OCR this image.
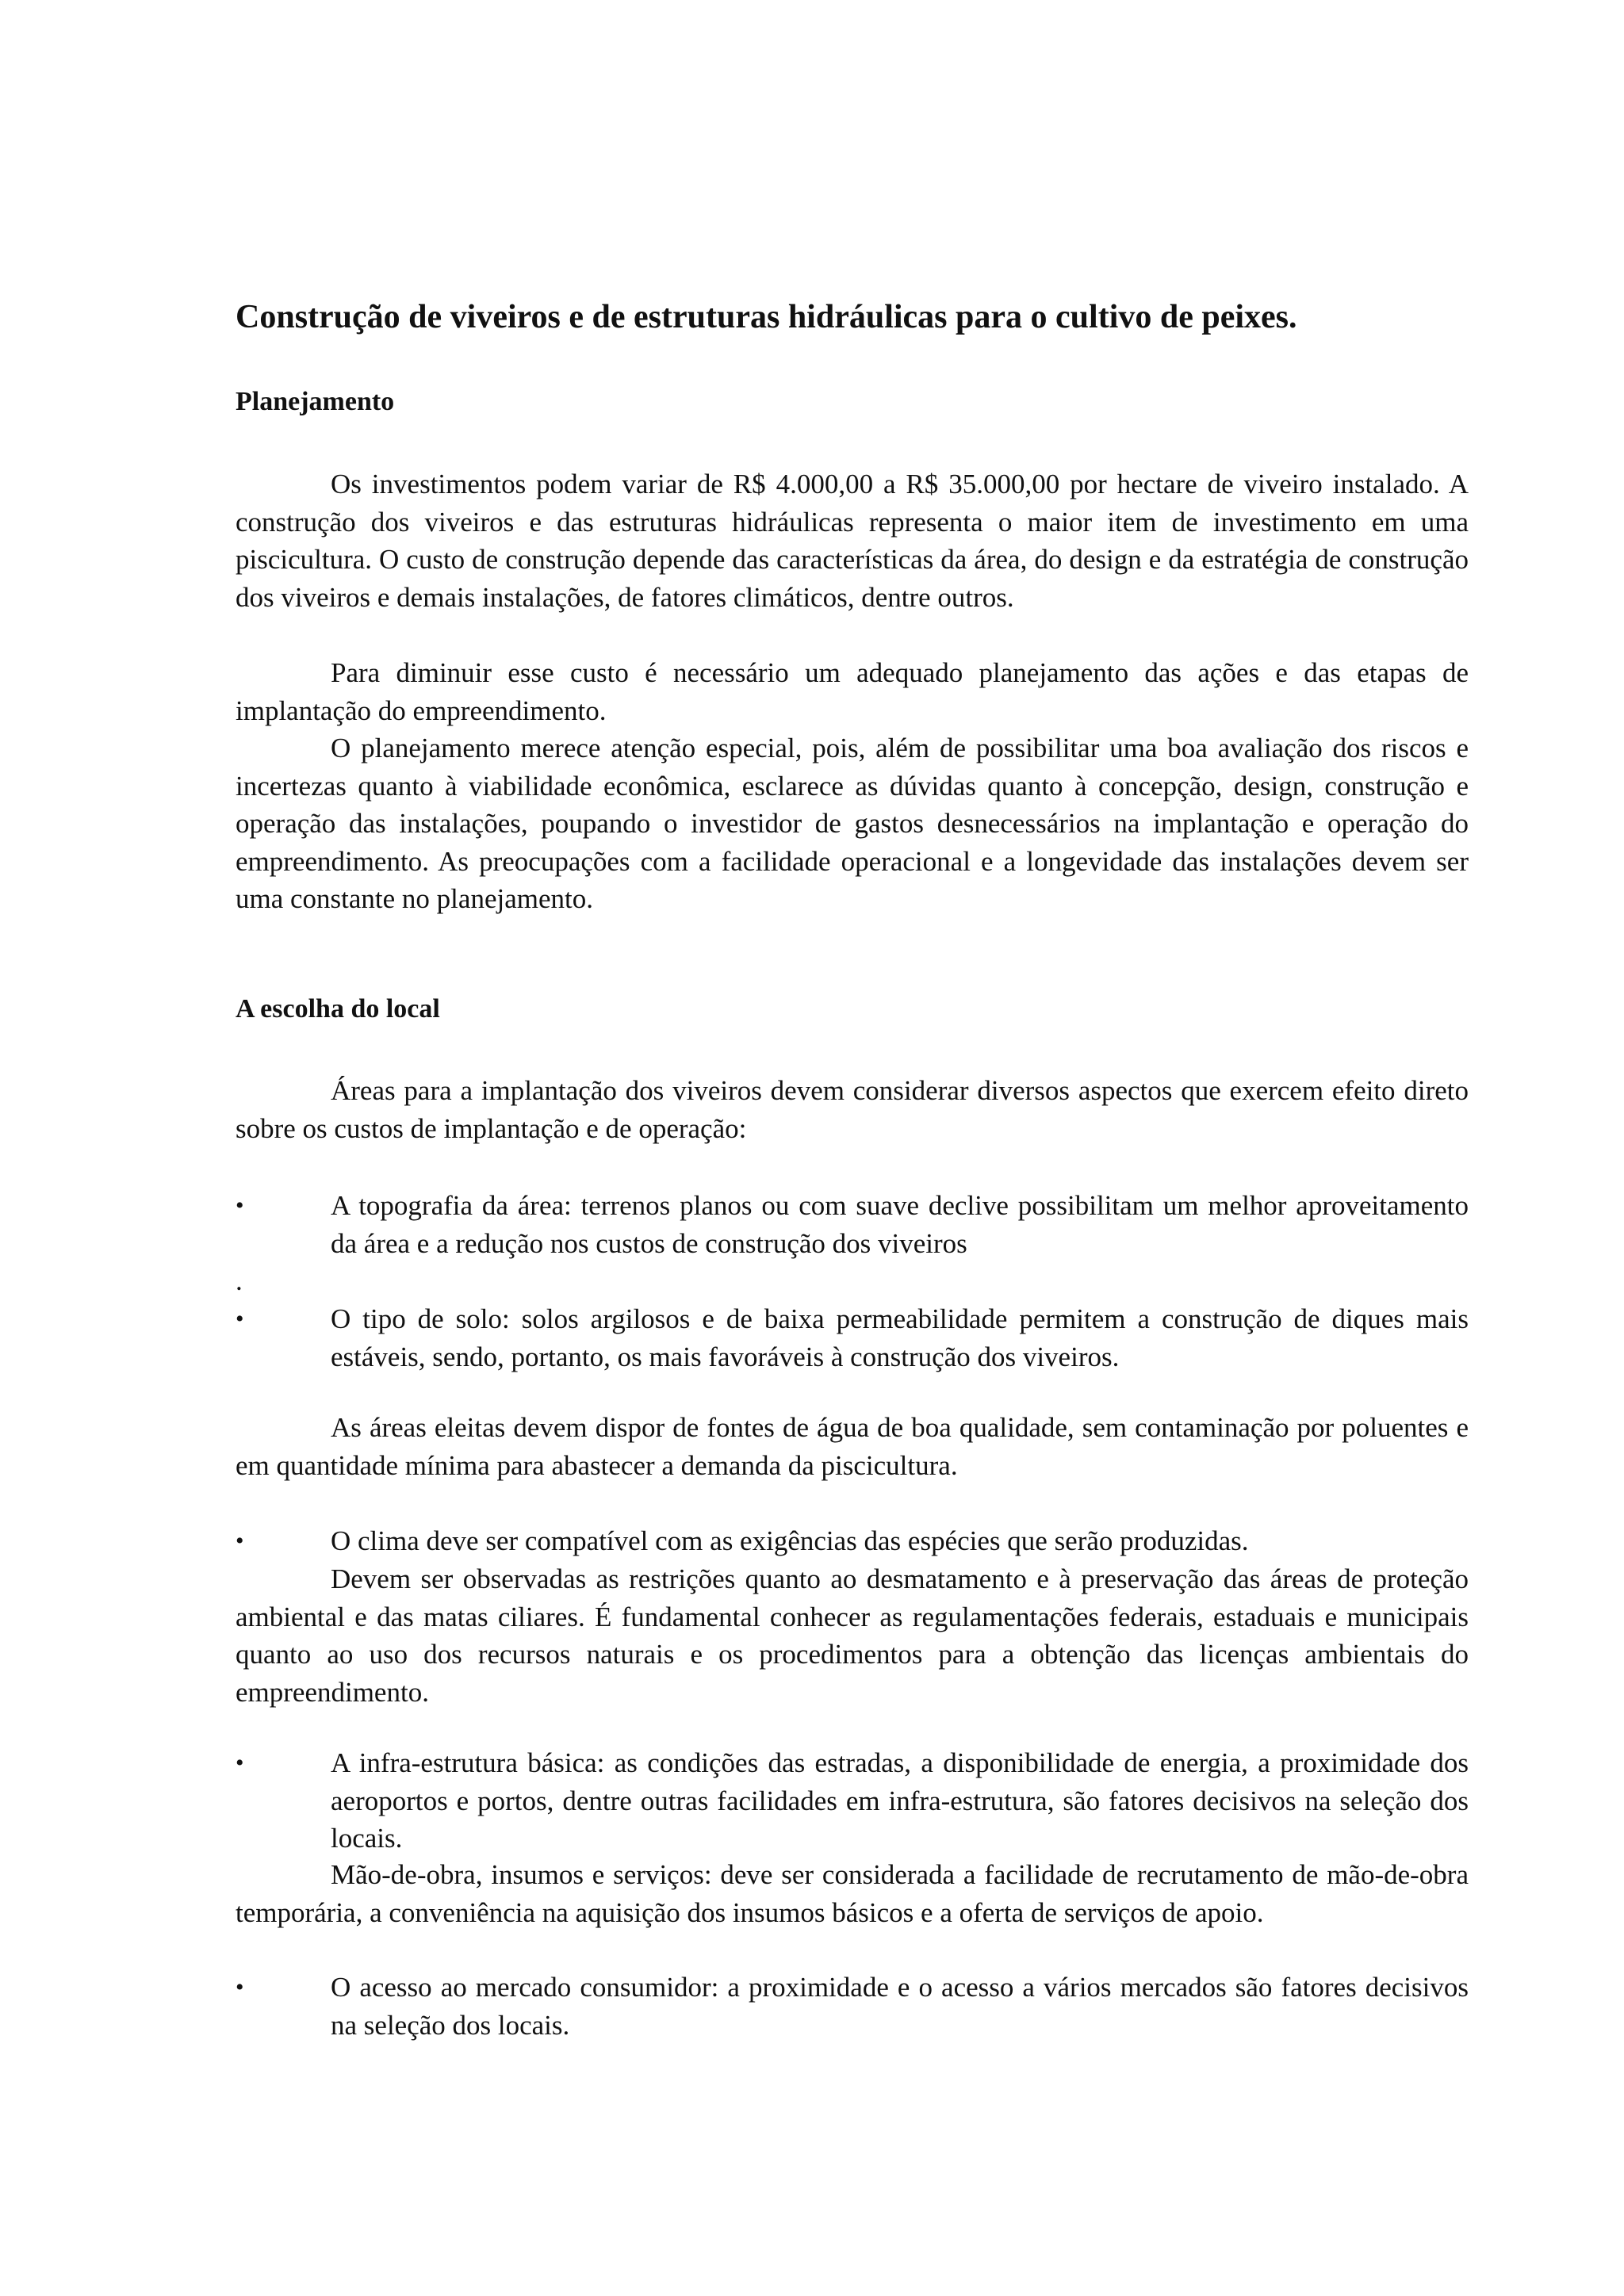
Construção de viveiros e de estruturas hidráulicas para o cultivo de peixes.
Planejamento

Os investimentos podem variar de R$ 4.000,00 a R$ 35.000,00 por hectare de viveiro instalado. A construção dos viveiros e das estruturas hidráulicas representa o maior item de investimento em uma piscicultura. O custo de construção depende das características da área, do design e da estratégia de construção dos viveiros e demais instalações, de fatores climáticos, dentre outros.

Para diminuir esse custo é necessário um adequado planejamento das ações e das etapas de implantação do empreendimento.

O planejamento merece atenção especial, pois, além de possibilitar uma boa avaliação dos riscos e incertezas quanto à viabilidade econômica, esclarece as dúvidas quanto à concepção, design, construção e operação das instalações, poupando o investidor de gastos desnecessários na implantação e operação do empreendimento. As preocupações com a facilidade operacional e a longevidade das instalações devem ser uma constante no planejamento.

A escolha do local

Áreas para a implantação dos viveiros devem considerar diversos aspectos que exercem efeito direto sobre os custos de implantação e de operação:

•	A topografia da área: terrenos planos ou com suave declive possibilitam um melhor aproveitamento da área e a redução nos custos de construção dos viveiros

.

•	O tipo de solo: solos argilosos e de baixa permeabilidade permitem a construção de diques mais estáveis, sendo, portanto, os mais favoráveis à construção dos viveiros.

As áreas eleitas devem dispor de fontes de água de boa qualidade, sem contaminação por poluentes e em quantidade mínima para abastecer a demanda da piscicultura.

•	O clima deve ser compatível com as exigências das espécies que serão produzidas.

Devem ser observadas as restrições quanto ao desmatamento e à preservação das áreas de proteção ambiental e das matas ciliares. É fundamental conhecer as regulamentações federais, estaduais e municipais quanto ao uso dos recursos naturais e os procedimentos para a obtenção das licenças ambientais do empreendimento.

•	A infra-estrutura básica: as condições das estradas, a disponibilidade de energia, a proximidade dos aeroportos e portos, dentre outras facilidades em infra-estrutura, são fatores decisivos na seleção dos locais.

Mão-de-obra, insumos e serviços: deve ser considerada a facilidade de recrutamento de mão-de-obra temporária, a conveniência na aquisição dos insumos básicos e a oferta de serviços de apoio.

•	O acesso ao mercado consumidor: a proximidade e o acesso a vários mercados são fatores decisivos na seleção dos locais.
